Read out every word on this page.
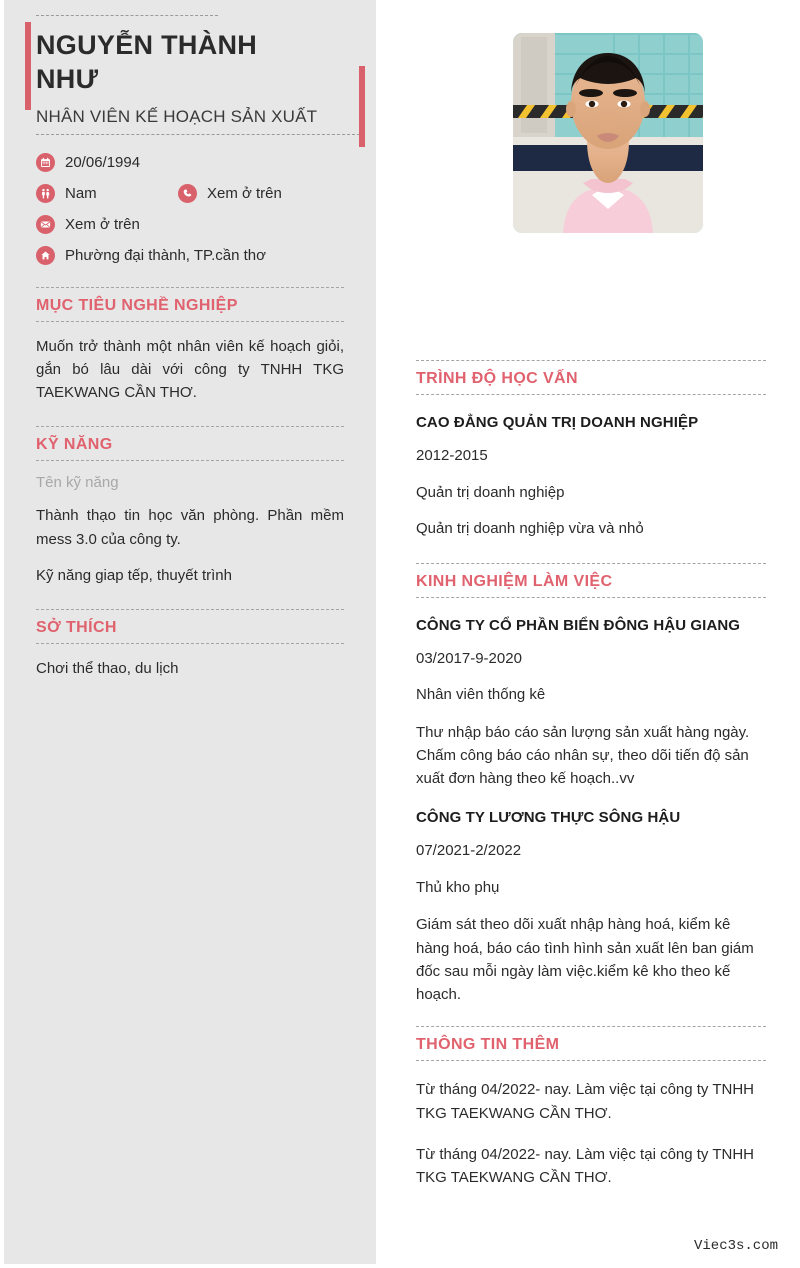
NGUYỄN THÀNH NHƯ
NHÂN VIÊN KẾ HOẠCH SẢN XUẤT
20/06/1994
Nam	Xem ở trên
Xem ở trên
Phường đại thành, TP.cần thơ
MỤC TIÊU NGHỀ NGHIỆP
Muốn trở thành một nhân viên kế hoạch giỏi, gắn bó lâu dài với công ty TNHH TKG TAEKWANG CẦN THƠ.
KỸ NĂNG
Tên kỹ năng
Thành thạo tin học văn phòng. Phần mềm mess 3.0 của công ty.
Kỹ năng giap tếp, thuyết trình
SỞ THÍCH
Chơi thể thao, du lịch
TRÌNH ĐỘ HỌC VẤN
CAO ĐẲNG QUẢN TRỊ DOANH NGHIỆP
2012-2015
Quản trị doanh nghiệp
Quản trị doanh nghiệp vừa và nhỏ
KINH NGHIỆM LÀM VIỆC
CÔNG TY CỔ PHẦN BIỂN ĐÔNG HẬU GIANG
03/2017-9-2020
Nhân viên thống kê
Thư nhập báo cáo sản lượng sản xuất hàng ngày. Chấm công báo cáo nhân sự, theo dõi tiến độ sản xuất đơn hàng theo kế hoạch..vv
CÔNG TY LƯƠNG THỰC SÔNG HẬU
07/2021-2/2022
Thủ kho phụ
Giám sát theo dõi xuất nhập hàng hoá, kiểm kê hàng hoá, báo cáo tình hình sản xuất lên ban giám đốc sau mỗi ngày làm việc.kiểm kê kho theo kế hoạch.
THÔNG TIN THÊM
Từ tháng 04/2022- nay. Làm việc tại công ty TNHH TKG TAEKWANG CẦN THƠ.
Từ tháng 04/2022- nay. Làm việc tại công ty TNHH TKG TAEKWANG CẦN THƠ.
Viec3s.com
